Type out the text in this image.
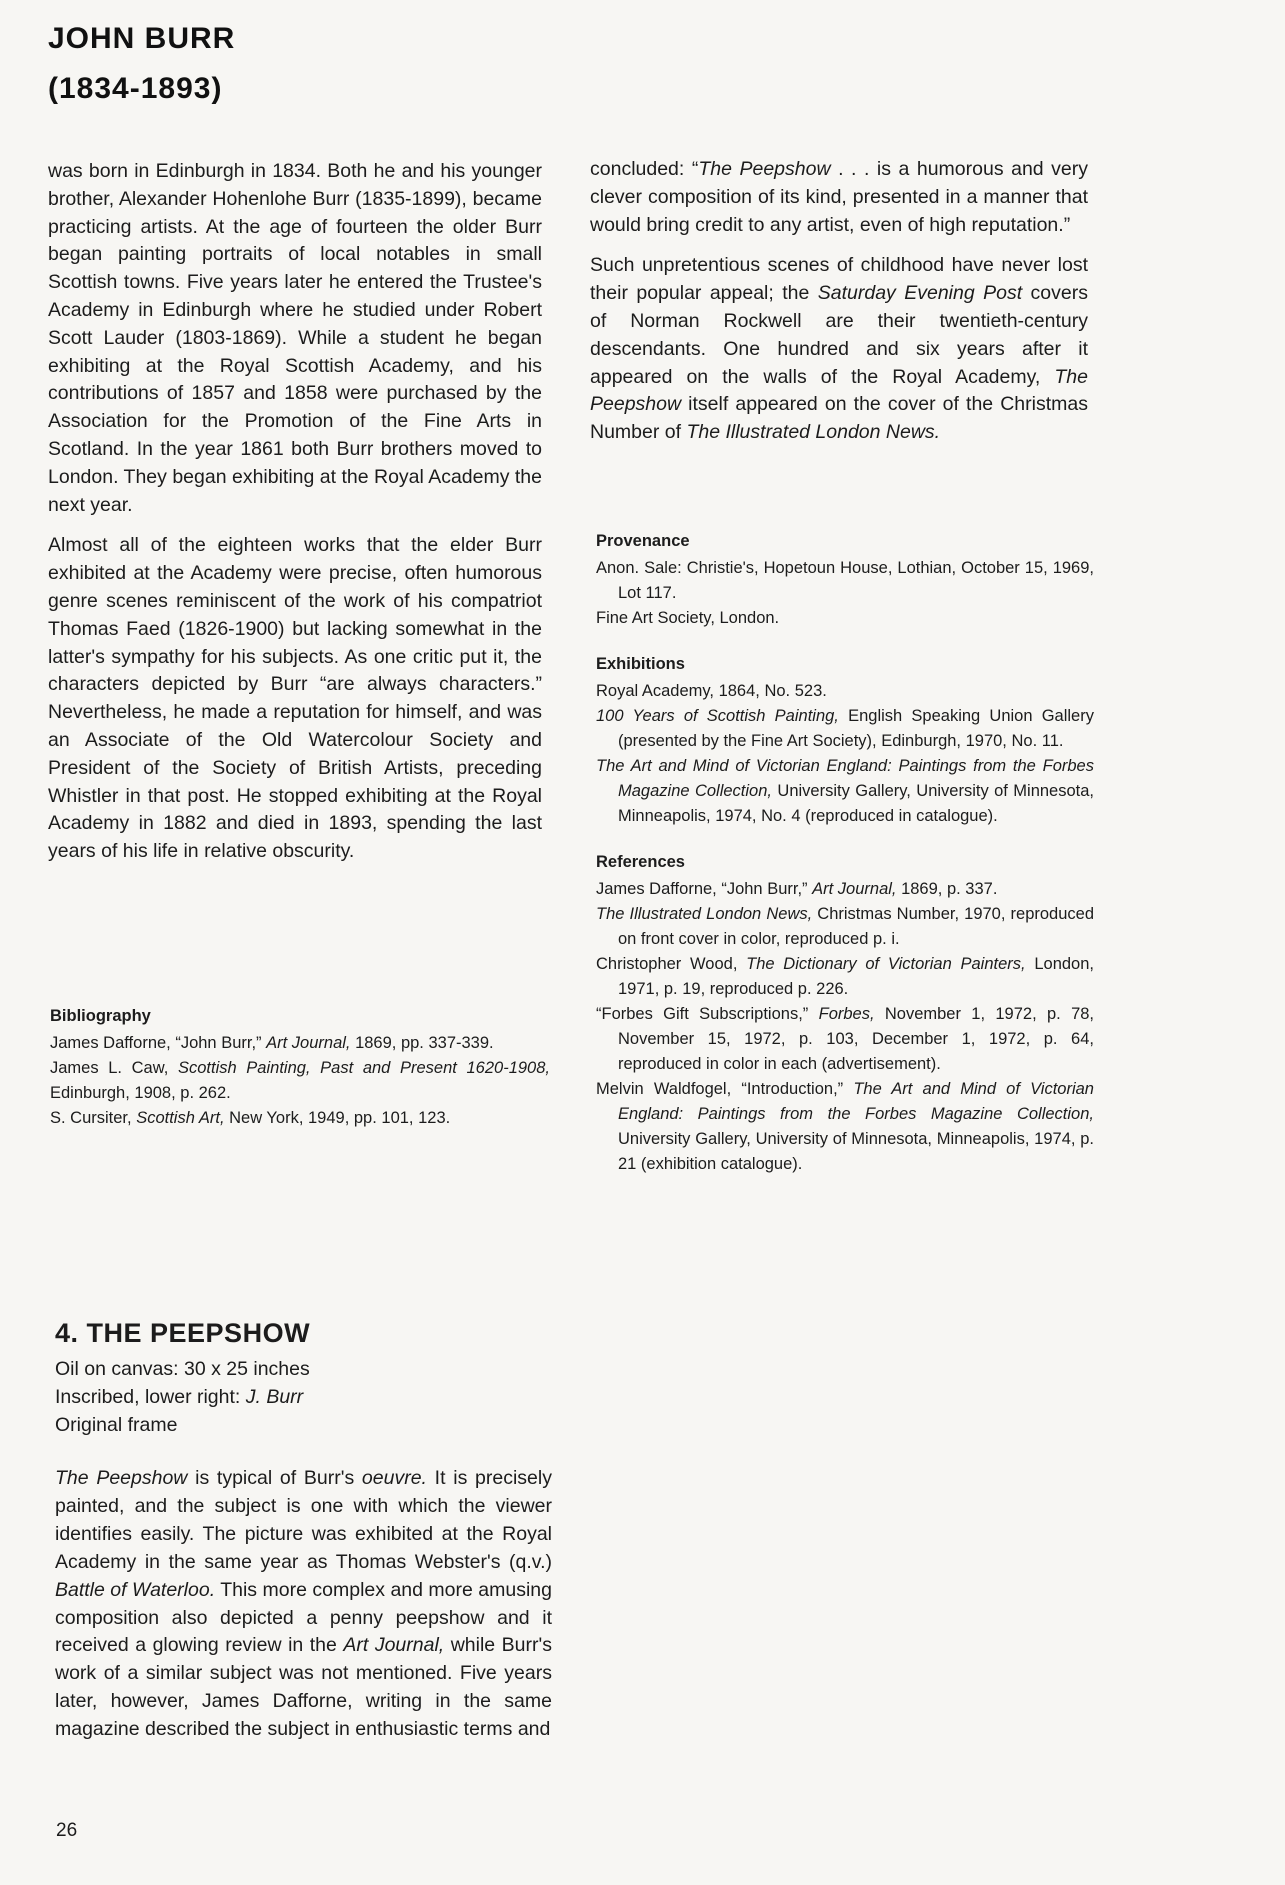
JOHN BURR
(1834-1893)

was born in Edinburgh in 1834. Both he and his younger brother, Alexander Hohenlohe Burr (1835-1899), became practicing artists. At the age of fourteen the older Burr began painting portraits of local notables in small Scottish towns. Five years later he entered the Trustee's Academy in Edinburgh where he studied under Robert Scott Lauder (1803-1869). While a student he began exhibiting at the Royal Scottish Academy, and his contributions of 1857 and 1858 were purchased by the Association for the Promotion of the Fine Arts in Scotland. In the year 1861 both Burr brothers moved to London. They began exhibiting at the Royal Academy the next year.

Almost all of the eighteen works that the elder Burr exhibited at the Academy were precise, often humorous genre scenes reminiscent of the work of his compatriot Thomas Faed (1826-1900) but lacking somewhat in the latter's sympathy for his subjects. As one critic put it, the characters depicted by Burr “are always characters.” Nevertheless, he made a reputation for himself, and was an Associate of the Old Watercolour Society and President of the Society of British Artists, preceding Whistler in that post. He stopped exhibiting at the Royal Academy in 1882 and died in 1893, spending the last years of his life in relative obscurity.

Bibliography

James Dafforne, “John Burr,” Art Journal, 1869, pp. 337-339.

James L. Caw, Scottish Painting, Past and Present 1620-1908, Edinburgh, 1908, p. 262.

S. Cursiter, Scottish Art, New York, 1949, pp. 101, 123.

4. THE PEEPSHOW

Oil on canvas: 30 x 25 inches

Inscribed, lower right: J. Burr

Original frame

The Peepshow is typical of Burr's oeuvre. It is precisely painted, and the subject is one with which the viewer identifies easily. The picture was exhibited at the Royal Academy in the same year as Thomas Webster's (q.v.) Battle of Waterloo. This more complex and more amusing composition also depicted a penny peepshow and it received a glowing review in the Art Journal, while Burr's work of a similar subject was not mentioned. Five years later, however, James Dafforne, writing in the same magazine described the subject in enthusiastic terms and

concluded: “The Peepshow . . . is a humorous and very clever composition of its kind, presented in a manner that would bring credit to any artist, even of high reputation.”

Such unpretentious scenes of childhood have never lost their popular appeal; the Saturday Evening Post covers of Norman Rockwell are their twentieth-century descendants. One hundred and six years after it appeared on the walls of the Royal Academy, The Peepshow itself appeared on the cover of the Christmas Number of The Illustrated London News.

Provenance

Anon. Sale: Christie's, Hopetoun House, Lothian, October 15, 1969, Lot 117.

Fine Art Society, London.

Exhibitions

Royal Academy, 1864, No. 523.

100 Years of Scottish Painting, English Speaking Union Gallery (presented by the Fine Art Society), Edinburgh, 1970, No. 11.

The Art and Mind of Victorian England: Paintings from the Forbes Magazine Collection, University Gallery, University of Minnesota, Minneapolis, 1974, No. 4 (reproduced in catalogue).

References

James Dafforne, “John Burr,” Art Journal, 1869, p. 337.

The Illustrated London News, Christmas Number, 1970, reproduced on front cover in color, reproduced p. i.

Christopher Wood, The Dictionary of Victorian Painters, London, 1971, p. 19, reproduced p. 226.

“Forbes Gift Subscriptions,” Forbes, November 1, 1972, p. 78, November 15, 1972, p. 103, December 1, 1972, p. 64, reproduced in color in each (advertisement).

Melvin Waldfogel, “Introduction,” The Art and Mind of Victorian England: Paintings from the Forbes Magazine Collection, University Gallery, University of Minnesota, Minneapolis, 1974, p. 21 (exhibition catalogue).

26
